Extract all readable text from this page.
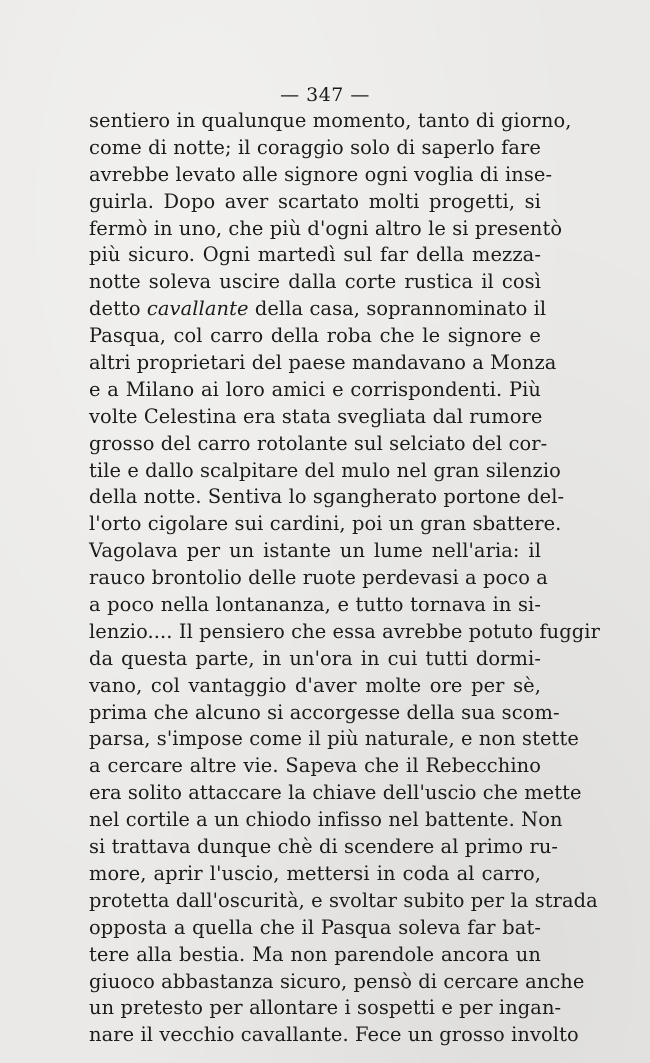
— 347 —
sentiero in qualunque momento, tanto di giorno,
come di notte; il coraggio solo di saperlo fare
avrebbe levato alle signore ogni voglia di inse-
guirla. Dopo aver scartato molti progetti, si
fermò in uno, che più d'ogni altro le si presentò
più sicuro. Ogni martedì sul far della mezza-
notte soleva uscire dalla corte rustica il così
detto cavallante della casa, soprannominato il
Pasqua, col carro della roba che le signore e
altri proprietari del paese mandavano a Monza
e a Milano ai loro amici e corrispondenti. Più
volte Celestina era stata svegliata dal rumore
grosso del carro rotolante sul selciato del cor-
tile e dallo scalpitare del mulo nel gran silenzio
della notte. Sentiva lo sgangherato portone del-
l'orto cigolare sui cardini, poi un gran sbattere.
Vagolava per un istante un lume nell'aria: il
rauco brontolio delle ruote perdevasi a poco a
a poco nella lontananza, e tutto tornava in si-
lenzio.... Il pensiero che essa avrebbe potuto fuggir
da questa parte, in un'ora in cui tutti dormi-
vano, col vantaggio d'aver molte ore per sè,
prima che alcuno si accorgesse della sua scom-
parsa, s'impose come il più naturale, e non stette
a cercare altre vie. Sapeva che il Rebecchino
era solito attaccare la chiave dell'uscio che mette
nel cortile a un chiodo infisso nel battente. Non
si trattava dunque chè di scendere al primo ru-
more, aprir l'uscio, mettersi in coda al carro,
protetta dall'oscurità, e svoltar subito per la strada
opposta a quella che il Pasqua soleva far bat-
tere alla bestia. Ma non parendole ancora un
giuoco abbastanza sicuro, pensò di cercare anche
un pretesto per allontare i sospetti e per ingan-
nare il vecchio cavallante. Fece un grosso involto
